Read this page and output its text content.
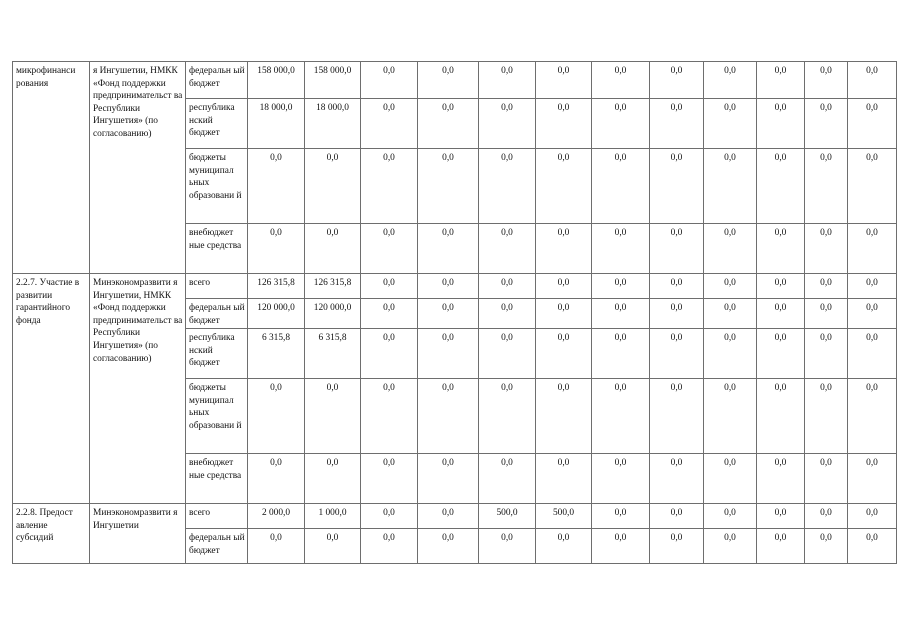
микрофинанси рования	я Ингушетии, НМКК «Фонд поддержки предпринимательст ва Республики Ингушетия» (по согласованию)	федеральн ый бюджет	158 000,0	158 000,0	0,0	0,0	0,0	0,0	0,0	0,0	0,0	0,0	0,0	0,0
		республика нский бюджет	18 000,0	18 000,0	0,0	0,0	0,0	0,0	0,0	0,0	0,0	0,0	0,0	0,0
		бюджеты муниципал ьных образовани й	0,0	0,0	0,0	0,0	0,0	0,0	0,0	0,0	0,0	0,0	0,0	0,0
		внебюджет ные средства	0,0	0,0	0,0	0,0	0,0	0,0	0,0	0,0	0,0	0,0	0,0	0,0
2.2.7. Участие в развитии гарантийного фонда	Минэкономразвити я Ингушетии, НМКК «Фонд поддержки предпринимательст ва Республики Ингушетия» (по согласованию)	всего	126 315,8	126 315,8	0,0	0,0	0,0	0,0	0,0	0,0	0,0	0,0	0,0	0,0
		федеральн ый бюджет	120 000,0	120 000,0	0,0	0,0	0,0	0,0	0,0	0,0	0,0	0,0	0,0	0,0
		республика нский бюджет	6 315,8	6 315,8	0,0	0,0	0,0	0,0	0,0	0,0	0,0	0,0	0,0	0,0
		бюджеты муниципал ьных образовани й	0,0	0,0	0,0	0,0	0,0	0,0	0,0	0,0	0,0	0,0	0,0	0,0
		внебюджет ные средства	0,0	0,0	0,0	0,0	0,0	0,0	0,0	0,0	0,0	0,0	0,0	0,0
2.2.8. Предост авление субсидий	Минэкономразвити я Ингушетии	всего	2 000,0	1 000,0	0,0	0,0	500,0	500,0	0,0	0,0	0,0	0,0	0,0	0,0
		федеральн ый бюджет	0,0	0,0	0,0	0,0	0,0	0,0	0,0	0,0	0,0	0,0	0,0	0,0
